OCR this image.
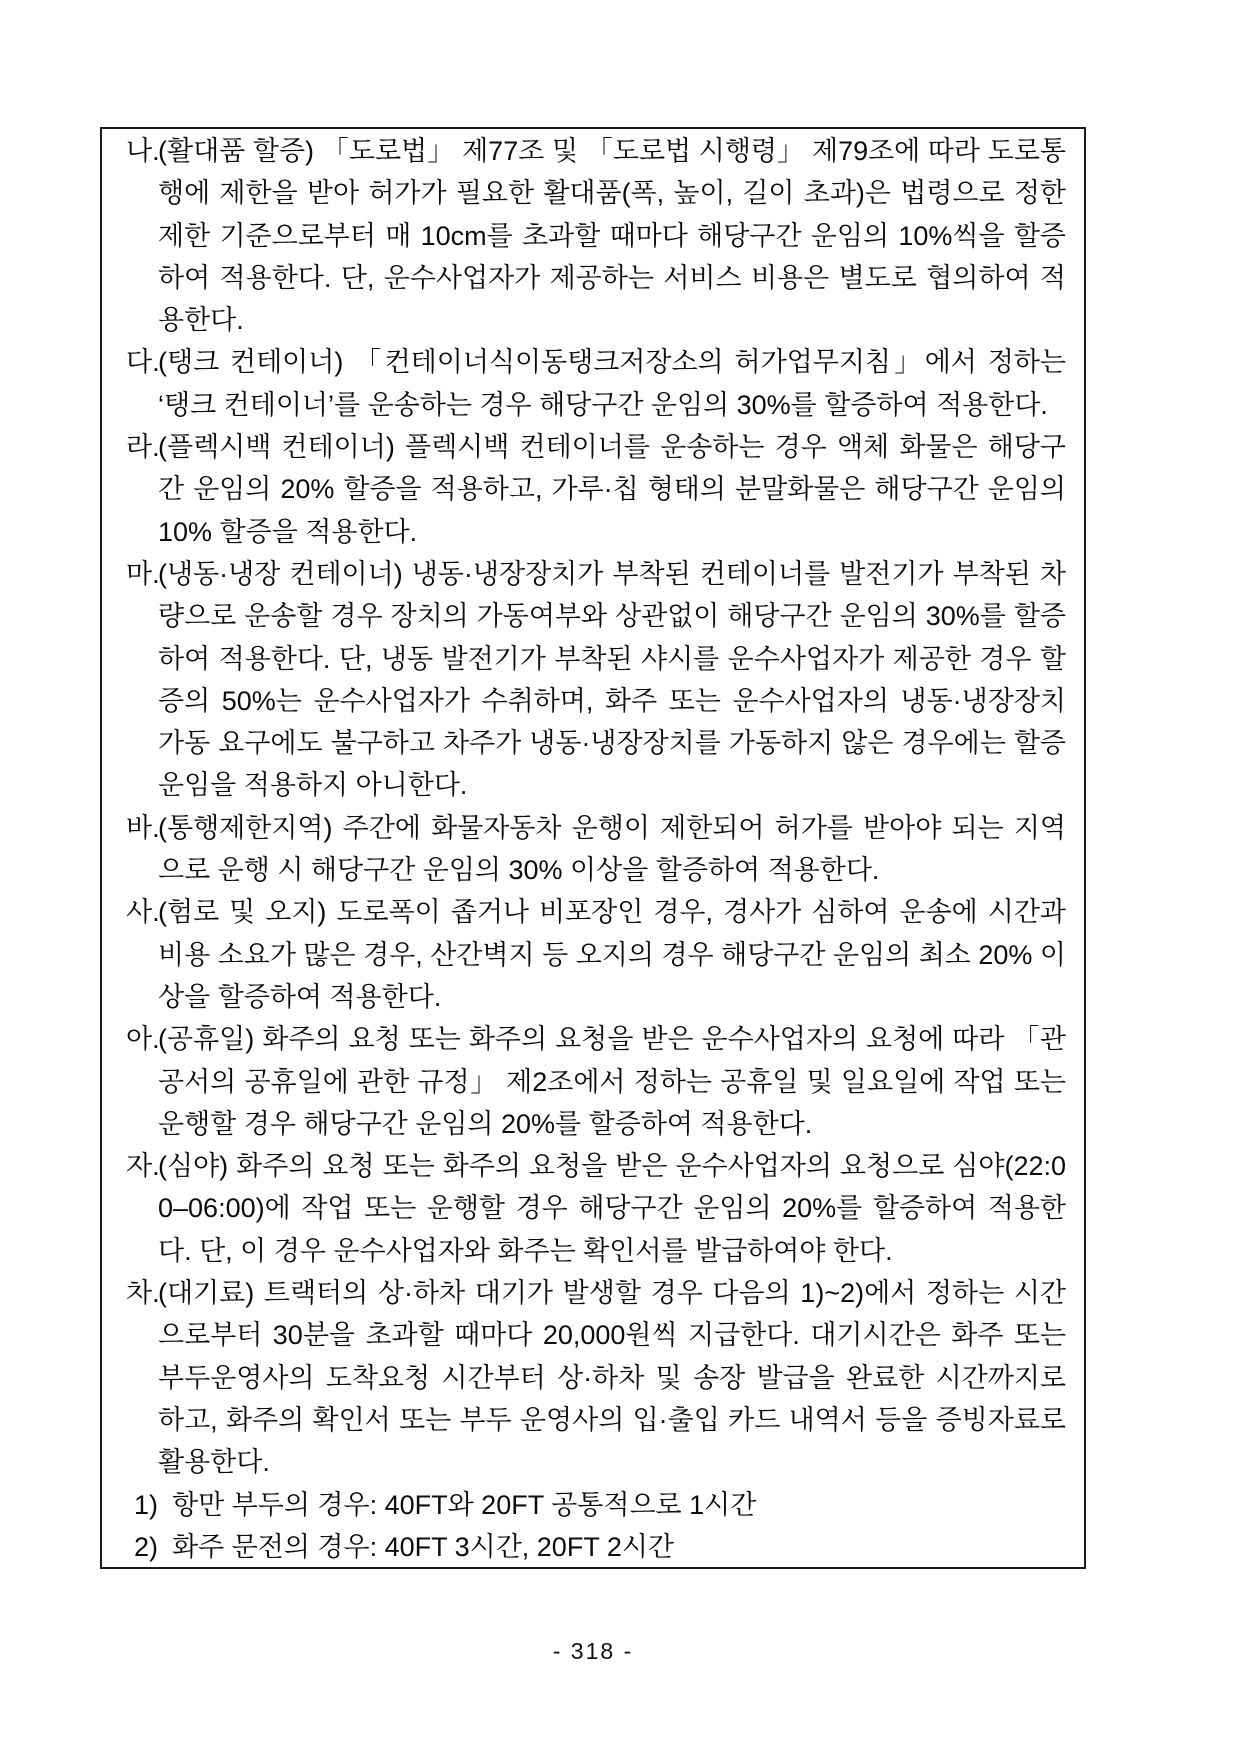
나.(활대품 할증) 「도로법」 제77조 및 「도로법 시행령」 제79조에 따라 도로통행에 제한을 받아 허가가 필요한 활대품(폭, 높이, 길이 초과)은 법령으로 정한 제한 기준으로부터 매 10cm를 초과할 때마다 해당구간 운임의 10%씩을 할증하여 적용한다. 단, 운수사업자가 제공하는 서비스 비용은 별도로 협의하여 적용한다.
다.(탱크 컨테이너) 「컨테이너식이동탱크저장소의 허가업무지침」에서 정하는 ‘탱크 컨테이너’를 운송하는 경우 해당구간 운임의 30%를 할증하여 적용한다.
라.(플렉시백 컨테이너) 플렉시백 컨테이너를 운송하는 경우 액체 화물은 해당구간 운임의 20% 할증을 적용하고, 가루·칩 형태의 분말화물은 해당구간 운임의 10% 할증을 적용한다.
마.(냉동·냉장 컨테이너) 냉동·냉장장치가 부착된 컨테이너를 발전기가 부착된 차량으로 운송할 경우 장치의 가동여부와 상관없이 해당구간 운임의 30%를 할증하여 적용한다. 단, 냉동 발전기가 부착된 샤시를 운수사업자가 제공한 경우 할증의 50%는 운수사업자가 수취하며, 화주 또는 운수사업자의 냉동·냉장장치 가동 요구에도 불구하고 차주가 냉동·냉장장치를 가동하지 않은 경우에는 할증운임을 적용하지 아니한다.
바.(통행제한지역) 주간에 화물자동차 운행이 제한되어 허가를 받아야 되는 지역으로 운행 시 해당구간 운임의 30% 이상을 할증하여 적용한다.
사.(험로 및 오지) 도로폭이 좁거나 비포장인 경우, 경사가 심하여 운송에 시간과 비용 소요가 많은 경우, 산간벽지 등 오지의 경우 해당구간 운임의 최소 20% 이상을 할증하여 적용한다.
아.(공휴일) 화주의 요청 또는 화주의 요청을 받은 운수사업자의 요청에 따라 「관공서의 공휴일에 관한 규정」 제2조에서 정하는 공휴일 및 일요일에 작업 또는 운행할 경우 해당구간 운임의 20%를 할증하여 적용한다.
자.(심야) 화주의 요청 또는 화주의 요청을 받은 운수사업자의 요청으로 심야(22:00–06:00)에 작업 또는 운행할 경우 해당구간 운임의 20%를 할증하여 적용한다. 단, 이 경우 운수사업자와 화주는 확인서를 발급하여야 한다.
차.(대기료) 트랙터의 상·하차 대기가 발생할 경우 다음의 1)~2)에서 정하는 시간으로부터 30분을 초과할 때마다 20,000원씩 지급한다. 대기시간은 화주 또는 부두운영사의 도착요청 시간부터 상·하차 및 송장 발급을 완료한 시간까지로 하고, 화주의 확인서 또는 부두 운영사의 입·출입 카드 내역서 등을 증빙자료로 활용한다.
1) 항만 부두의 경우: 40FT와 20FT 공통적으로 1시간
2) 화주 문전의 경우: 40FT 3시간, 20FT 2시간
- 318 -
